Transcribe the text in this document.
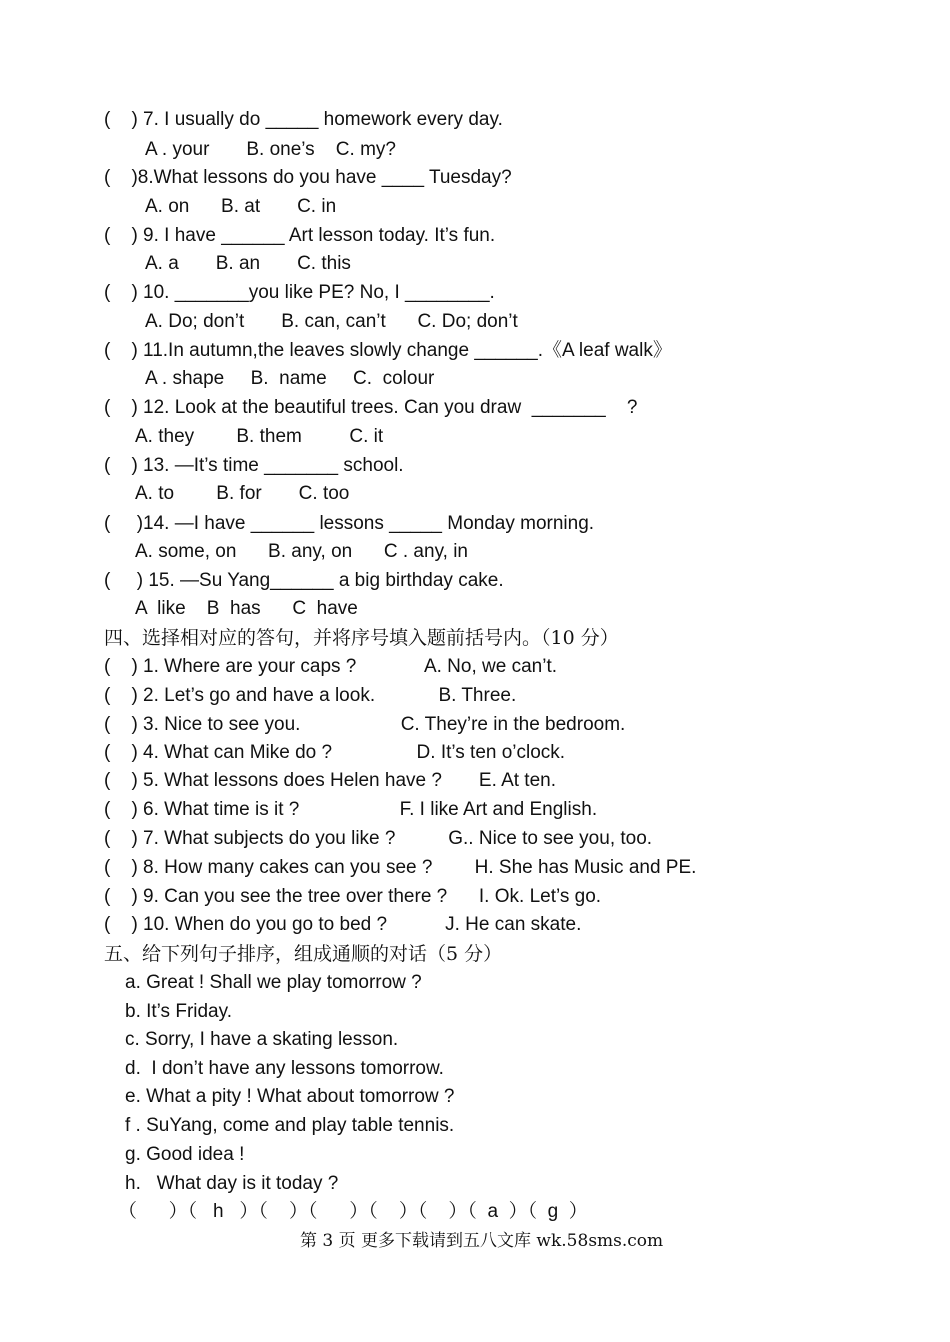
(    ) 7. I usually do _____ homework every day.
A . your       B. one’s    C. my?
(    )8.What lessons do you have ____ Tuesday?
A. on      B. at       C. in
(    ) 9. I have ______ Art lesson today. It’s fun.
A. a       B. an       C. this
(    ) 10. _______you like PE? No, I ________.
A. Do; don’t       B. can, can’t      C. Do; don’t
(    ) 11.In autumn,the leaves slowly change ______.《A leaf walk》
A . shape     B.  name     C.  colour
(    ) 12. Look at the beautiful trees. Can you draw  _______    ?
A. they        B. them         C. it
(    ) 13. —It’s time _______ school.
A. to        B. for       C. too
(     )14. —I have ______ lessons _____ Monday morning.
A. some, on      B. any, on      C . any, in
(     ) 15. —Su Yang______ a big birthday cake.
A  like    B  has      C  have
四、选择相对应的答句，并将序号填入题前括号内。（10 分）
(    ) 1. Where are your caps ?             A. No, we can’t.
(    ) 2. Let’s go and have a look.            B. Three.
(    ) 3. Nice to see you.                   C. They’re in the bedroom.
(    ) 4. What can Mike do ?                D. It’s ten o’clock.
(    ) 5. What lessons does Helen have ?       E. At ten.
(    ) 6. What time is it ?                   F. I like Art and English.
(    ) 7. What subjects do you like ?          G.. Nice to see you, too.
(    ) 8. How many cakes can you see ?        H. She has Music and PE.
(    ) 9. Can you see the tree over there ?      I. Ok. Let’s go.
(    ) 10. When do you go to bed ?           J. He can skate.
五、给下列句子排序，组成通顺的对话（5 分）
a. Great ! Shall we play tomorrow ?
b. It’s Friday.
c. Sorry, I have a skating lesson.
d.  I don’t have any lessons tomorrow.
e. What a pity ! What about tomorrow ?
f . SuYang, come and play table tennis.
g. Good idea !
h.   What day is it today ?
（      ）（   h   ）（    ）（      ）（    ）（    ）（  a  ）（  g  ）
第 3 页 更多下载请到五八文库 wk.58sms.com
